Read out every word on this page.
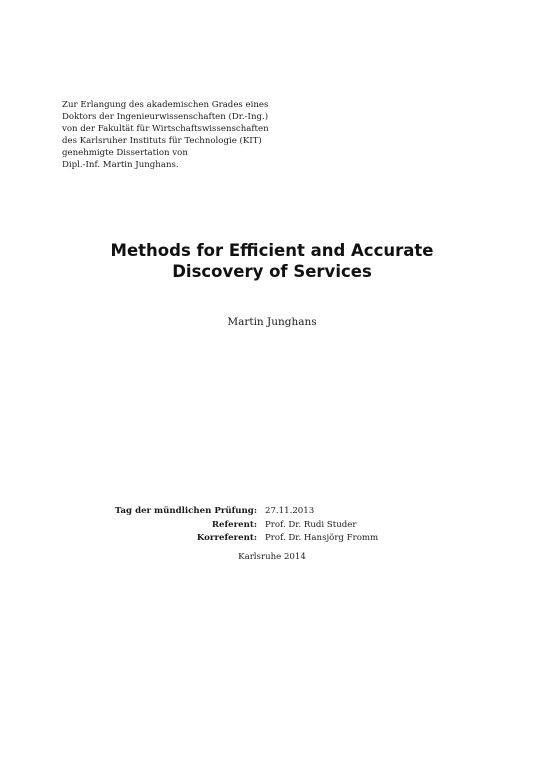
Zur Erlangung des akademischen Grades eines
Doktors der Ingenieurwissenschaften (Dr.-Ing.)
von der Fakultät für Wirtschaftswissenschaften
des Karlsruher Instituts für Technologie (KIT)
genehmigte Dissertation von
Dipl.-Inf. Martin Junghans.
Methods for Efficient and Accurate
Discovery of Services
Martin Junghans
Tag der mündlichen Prüfung: 27.11.2013
Referent: Prof. Dr. Rudi Studer
Korreferent: Prof. Dr. Hansjörg Fromm
Karlsruhe 2014
